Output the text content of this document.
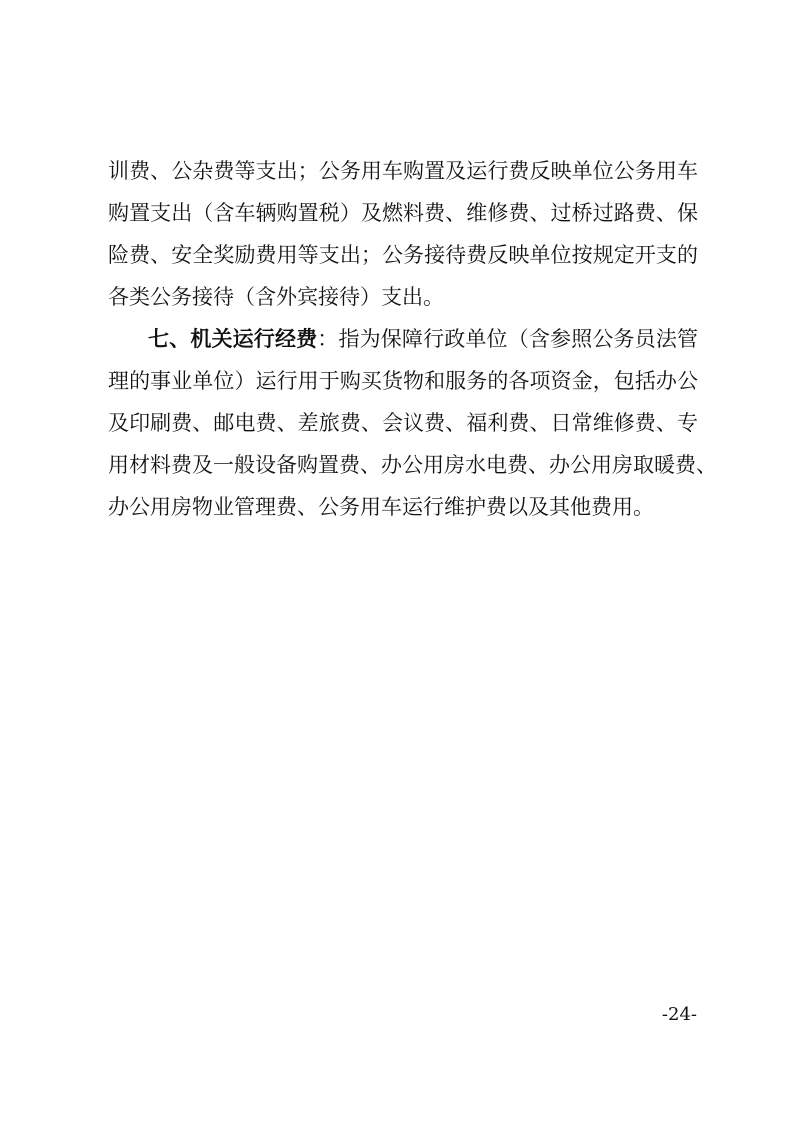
训费、公杂费等支出；公务用车购置及运行费反映单位公务用车
购置支出（含车辆购置税）及燃料费、维修费、过桥过路费、保
险费、安全奖励费用等支出；公务接待费反映单位按规定开支的
各类公务接待（含外宾接待）支出。
七、机关运行经费：指为保障行政单位（含参照公务员法管
理的事业单位）运行用于购买货物和服务的各项资金，包括办公
及印刷费、邮电费、差旅费、会议费、福利费、日常维修费、专
用材料费及一般设备购置费、办公用房水电费、办公用房取暖费、
办公用房物业管理费、公务用车运行维护费以及其他费用。
-24-
